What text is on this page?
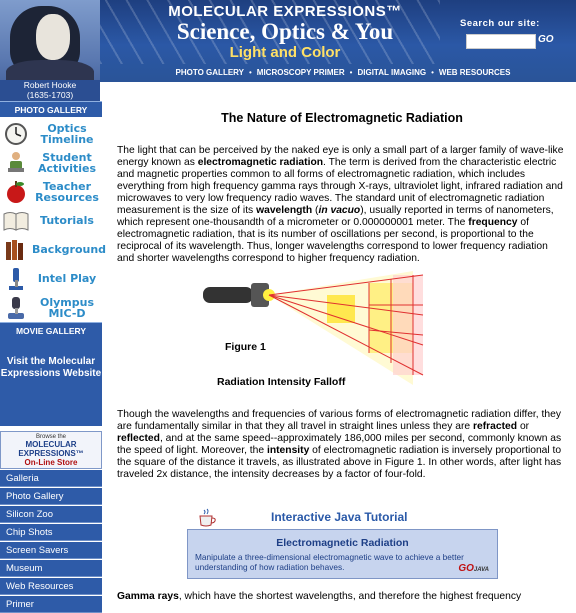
MOLECULAR EXPRESSIONS™
Science, Optics & You
Light and Color
Search our site:
GO
PHOTO GALLERY • MICROSCOPY PRIMER • DIGITAL IMAGING • WEB RESOURCES
Robert Hooke
(1635-1703)
PHOTO GALLERY
Optics Timeline
Student Activities
Teacher Resources
Tutorials
Background
Intel Play
Olympus MIC-D
MOVIE GALLERY
Visit the Molecular Expressions Website
Browse the
MOLECULAR EXPRESSIONS™
On-Line Store
Galleria
Photo Gallery
Silicon Zoo
Chip Shots
Screen Savers
Museum
Web Resources
Primer
The Nature of Electromagnetic Radiation

The light that can be perceived by the naked eye is only a small part of a larger family of wave-like energy known as electromagnetic radiation. The term is derived from the characteristic electric and magnetic properties common to all forms of electromagnetic radiation, which includes everything from high frequency gamma rays through X-rays, ultraviolet light, infrared radiation and microwaves to very low frequency radio waves. The standard unit of electromagnetic radiation measurement is the size of its wavelength (in vacuo), usually reported in terms of nanometers, which represent one-thousandth of a micrometer or 0.000000001 meter. The frequency of electromagnetic radiation, that is its number of oscillations per second, is proportional to the reciprocal of its wavelength. Thus, longer wavelengths correspond to lower frequency radiation and shorter wavelengths correspond to higher frequency radiation.

Figure 1
Radiation Intensity Falloff

Though the wavelengths and frequencies of various forms of electromagnetic radiation differ, they are fundamentally similar in that they all travel in straight lines unless they are refracted or reflected, and at the same speed--approximately 186,000 miles per second, commonly known as the speed of light. Moreover, the intensity of electromagnetic radiation is inversely proportional to the square of the distance it travels, as illustrated above in Figure 1. In other words, after light has traveled 2x distance, the intensity decreases by a factor of four-fold.

Interactive Java Tutorial
Electromagnetic Radiation
Manipulate a three-dimensional electromagnetic wave to achieve a better understanding of how radiation behaves.	GOJAVA
Gamma rays, which have the shortest wavelengths, and therefore the highest frequency
